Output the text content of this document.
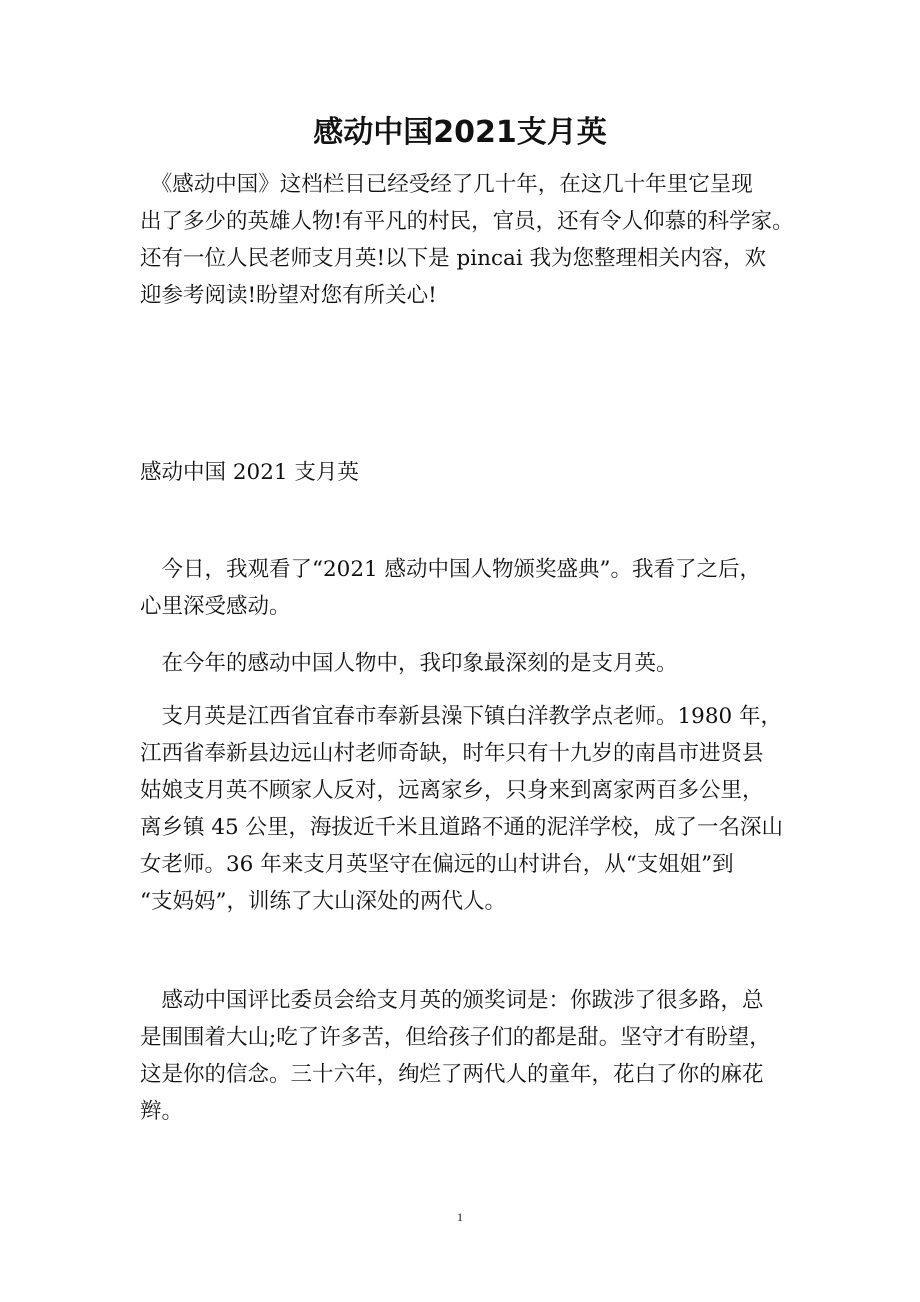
感动中国2021支月英
　《感动中国》这档栏目已经受经了几十年，在这几十年里它呈现
出了多少的英雄人物!有平凡的村民，官员，还有令人仰慕的科学家。
还有一位人民老师支月英!以下是 pincai 我为您整理相关内容，欢
迎参考阅读!盼望对您有所关心!
感动中国 2021 支月英
　今日，我观看了“2021 感动中国人物颁奖盛典”。我看了之后，
心里深受感动。
　在今年的感动中国人物中，我印象最深刻的是支月英。
　支月英是江西省宜春市奉新县澡下镇白洋教学点老师。1980 年，
江西省奉新县边远山村老师奇缺，时年只有十九岁的南昌市进贤县
姑娘支月英不顾家人反对，远离家乡，只身来到离家两百多公里，
离乡镇 45 公里，海拔近千米且道路不通的泥洋学校，成了一名深山
女老师。36 年来支月英坚守在偏远的山村讲台，从“支姐姐”到
“支妈妈”，训练了大山深处的两代人。
　感动中国评比委员会给支月英的颁奖词是：你跋涉了很多路，总
是围围着大山;吃了许多苦，但给孩子们的都是甜。坚守才有盼望，
这是你的信念。三十六年，绚烂了两代人的童年，花白了你的麻花
辫。
1
